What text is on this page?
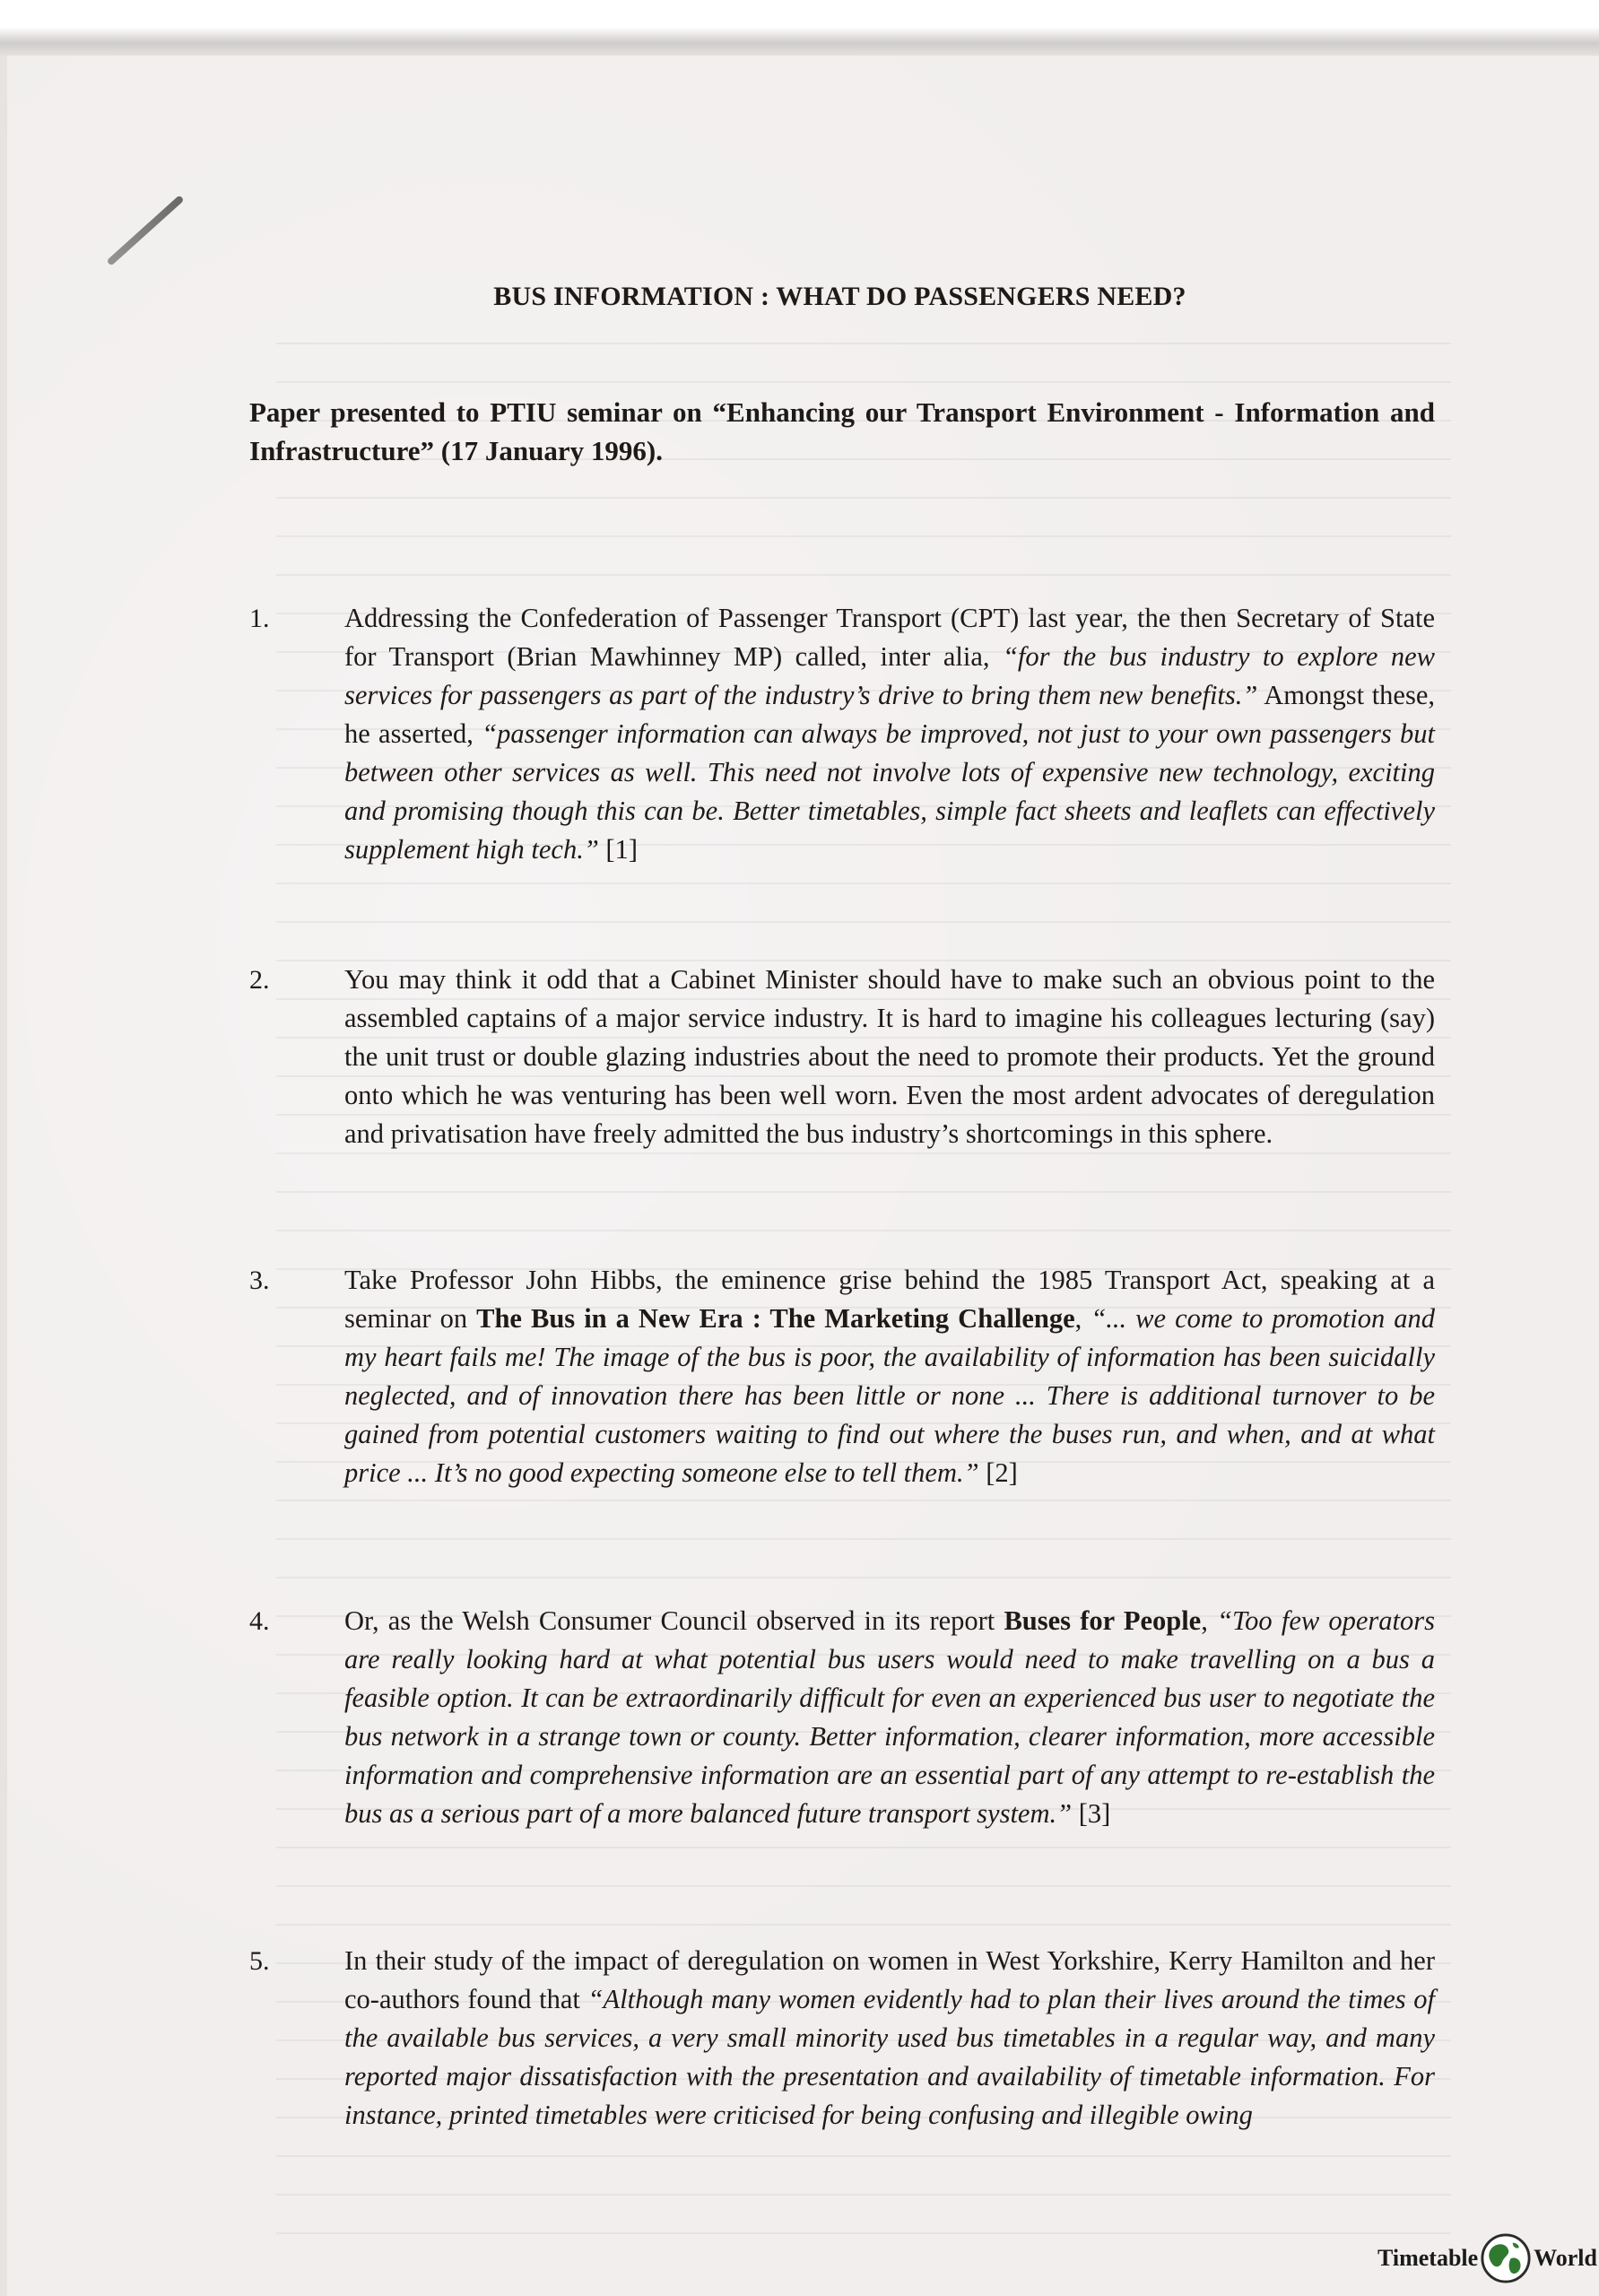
BUS INFORMATION : WHAT DO PASSENGERS NEED?

Paper presented to PTIU seminar on “Enhancing our Transport Environment - Information and Infrastructure” (17 January 1996).

1.	Addressing the Confederation of Passenger Transport (CPT) last year, the then Secretary of State for Transport (Brian Mawhinney MP) called, inter alia, “for the bus industry to explore new services for passengers as part of the industry’s drive to bring them new benefits.” Amongst these, he asserted, “passenger information can always be improved, not just to your own passengers but between other services as well. This need not involve lots of expensive new technology, exciting and promising though this can be. Better timetables, simple fact sheets and leaflets can effectively supplement high tech.” [1]

2.	You may think it odd that a Cabinet Minister should have to make such an obvious point to the assembled captains of a major service industry. It is hard to imagine his colleagues lecturing (say) the unit trust or double glazing industries about the need to promote their products. Yet the ground onto which he was venturing has been well worn. Even the most ardent advocates of deregulation and privatisation have freely admitted the bus industry’s shortcomings in this sphere.

3.	Take Professor John Hibbs, the eminence grise behind the 1985 Transport Act, speaking at a seminar on The Bus in a New Era : The Marketing Challenge, “... we come to promotion and my heart fails me! The image of the bus is poor, the availability of information has been suicidally neglected, and of innovation there has been little or none ... There is additional turnover to be gained from potential customers waiting to find out where the buses run, and when, and at what price ... It’s no good expecting someone else to tell them.” [2]

4.	Or, as the Welsh Consumer Council observed in its report Buses for People, “Too few operators are really looking hard at what potential bus users would need to make travelling on a bus a feasible option. It can be extraordinarily difficult for even an experienced bus user to negotiate the bus network in a strange town or county. Better information, clearer information, more accessible information and comprehensive information are an essential part of any attempt to re-establish the bus as a serious part of a more balanced future transport system.” [3]

5.	In their study of the impact of deregulation on women in West Yorkshire, Kerry Hamilton and her co-authors found that “Although many women evidently had to plan their lives around the times of the available bus services, a very small minority used bus timetables in a regular way, and many reported major dissatisfaction with the presentation and availability of timetable information. For instance, printed timetables were criticised for being confusing and illegible owing

Timetable World
